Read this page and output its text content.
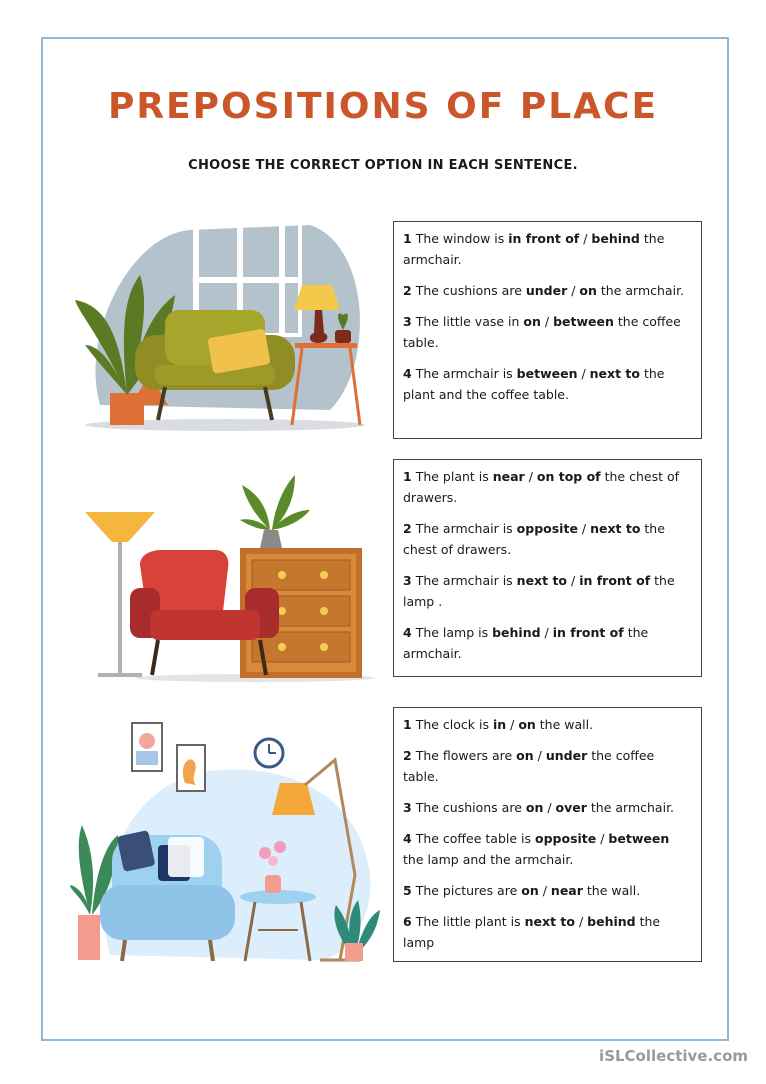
PREPOSITIONS OF PLACE
CHOOSE THE CORRECT OPTION IN EACH SENTENCE.

1 The window is in front of / behind the armchair.

2 The cushions are under / on the armchair.

3 The little vase in on / between the coffee table.

4 The armchair is between / next to the plant and the coffee table.

1 The plant is near / on top of the chest of drawers.

2 The armchair is opposite / next to the chest of drawers.

3 The armchair is next to / in front of the lamp .

4 The lamp is behind / in front of the armchair.

1 The clock is in / on the wall.

2 The flowers are on / under the coffee table.

3 The cushions are on / over the armchair.

4 The coffee table is opposite / between the lamp and the armchair.

5 The pictures are on / near the wall.

6 The little plant is next to / behind the lamp

iSLCollective.com
